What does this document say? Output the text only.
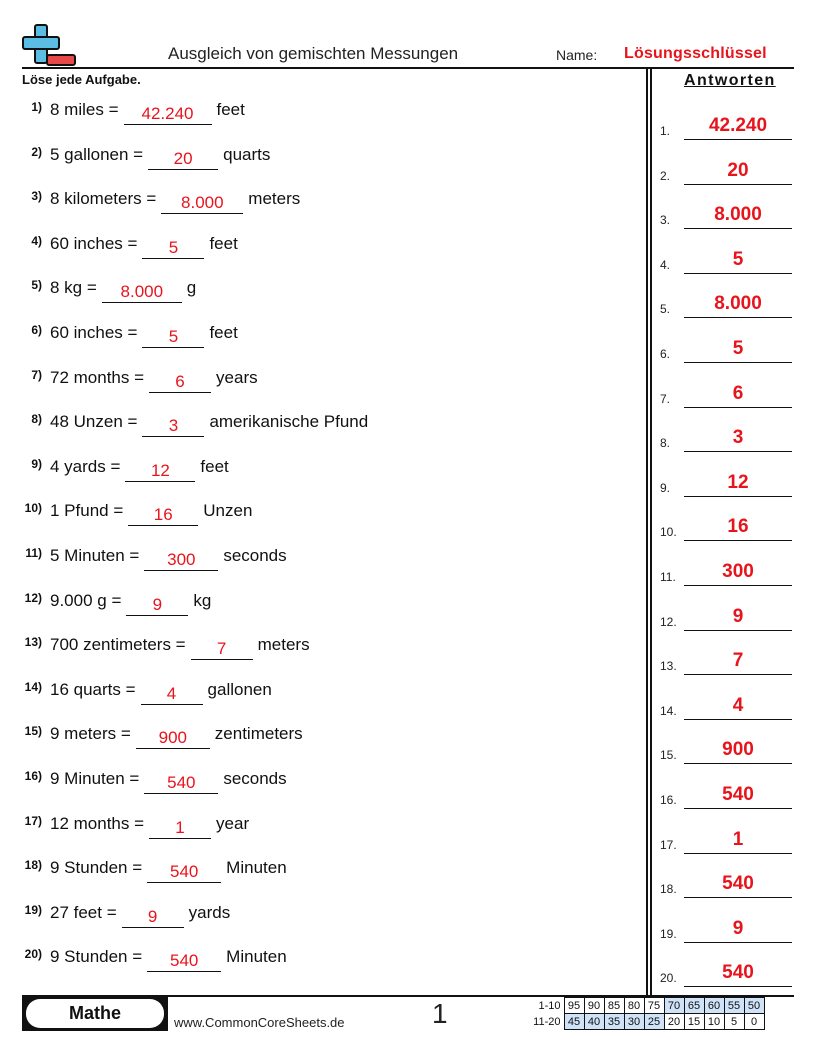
Ausgleich von gemischten Messungen	Name: Lösungsschlüssel
Löse jede Aufgabe.	Antworten
1) 8 miles =	42.240	feet
2) 5 gallonen =	20	quarts
3) 8 kilometers =	8.000	meters
4) 60 inches =	5	feet
5) 8 kg =	8.000	g
6) 60 inches =	5	feet
7) 72 months =	6	years
8) 48 Unzen =	3	amerikanische Pfund
9) 4 yards =	12	feet
10) 1 Pfund =	16	Unzen
11) 5 Minuten =	300	seconds
12) 9.000 g =	9	kg
13) 700 zentimeters =	7	meters
14) 16 quarts =	4	gallonen
15) 9 meters =	900	zentimeters
16) 9 Minuten =	540	seconds
17) 12 months =	1	year
18) 9 Stunden =	540	Minuten
19) 27 feet =	9	yards
20) 9 Stunden =	540	Minuten
1.	42.240
2.	20
3.	8.000
4.	5
5.	8.000
6.	5
7.	6
8.	3
9.	12
10.	16
11.	300
12.	9
13.	7
14.	4
15.	900
16.	540
17.	1
18.	540
19.	9
20.	540
Mathe	www.CommonCoreSheets.de	1	1-10	95	90	85	80	75	70	65	60	55	50
11-20	45	40	35	30	25	20	15	10	5	0
